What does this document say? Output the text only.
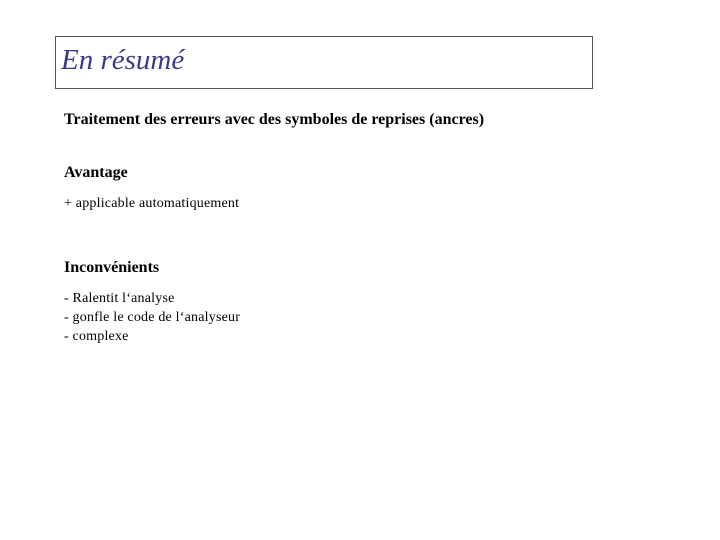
En résumé
Traitement des erreurs avec des symboles de reprises (ancres)
Avantage
+ applicable automatiquement
Inconvénients
- Ralentit l‘analyse
- gonfle le code de l‘analyseur
- complexe
